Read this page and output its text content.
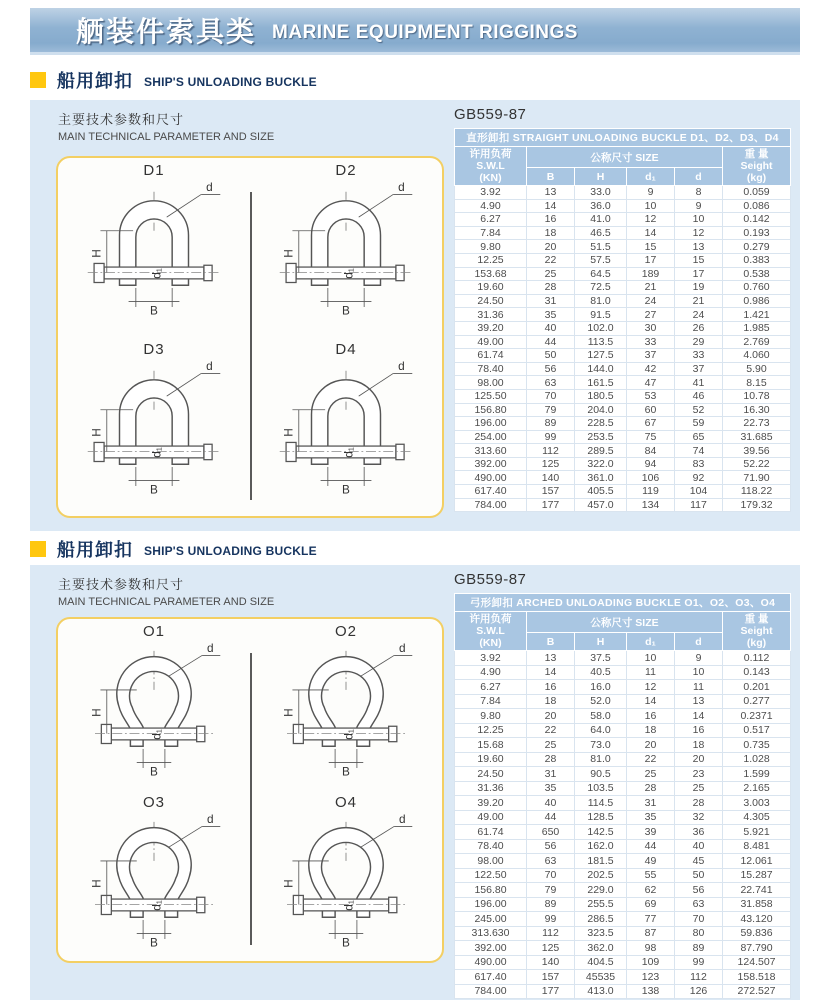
舾装件索具类 MARINE EQUIPMENT RIGGINGS
船用卸扣 SHIP'S UNLOADING BUCKLE
主要技术参数和尺寸
MAIN TECHNICAL PARAMETER AND SIZE
D1
H
B
d
d₁
D2
H
B
d
d₁
D3
H
B
d
d₁
D4
H
B
d
d₁
GB559-87
直形卸扣 STRAIGHT UNLOADING BUCKLE D1、D2、D3、D4					
许用负荷
S.W.L
(KN)	公称尺寸 SIZE				重 量
Seight
(kg)
	B	H	d₁	d	
3.92	13	33.0	9	8	0.059
4.90	14	36.0	10	9	0.086
6.27	16	41.0	12	10	0.142
7.84	18	46.5	14	12	0.193
9.80	20	51.5	15	13	0.279
12.25	22	57.5	17	15	0.383
153.68	25	64.5	189	17	0.538
19.60	28	72.5	21	19	0.760
24.50	31	81.0	24	21	0.986
31.36	35	91.5	27	24	1.421
39.20	40	102.0	30	26	1.985
49.00	44	113.5	33	29	2.769
61.74	50	127.5	37	33	4.060
78.40	56	144.0	42	37	5.90
98.00	63	161.5	47	41	8.15
125.50	70	180.5	53	46	10.78
156.80	79	204.0	60	52	16.30
196.00	89	228.5	67	59	22.73
254.00	99	253.5	75	65	31.685
313.60	112	289.5	84	74	39.56
392.00	125	322.0	94	83	52.22
490.00	140	361.0	106	92	71.90
617.40	157	405.5	119	104	118.22
784.00	177	457.0	134	117	179.32
船用卸扣 SHIP'S UNLOADING BUCKLE
主要技术参数和尺寸
MAIN TECHNICAL PARAMETER AND SIZE
O1
H
B
d
d₁
O2
H
B
d
d₁
O3
H
B
d
d₁
O4
H
B
d
d₁
GB559-87
弓形卸扣 ARCHED UNLOADING BUCKLE O1、O2、O3、O4					
许用负荷
S.W.L
(KN)	公称尺寸 SIZE				重 量
Seight
(kg)
	B	H	d₁	d	
3.92	13	37.5	10	9	0.112
4.90	14	40.5	11	10	0.143
6.27	16	16.0	12	11	0.201
7.84	18	52.0	14	13	0.277
9.80	20	58.0	16	14	0.2371
12.25	22	64.0	18	16	0.517
15.68	25	73.0	20	18	0.735
19.60	28	81.0	22	20	1.028
24.50	31	90.5	25	23	1.599
31.36	35	103.5	28	25	2.165
39.20	40	114.5	31	28	3.003
49.00	44	128.5	35	32	4.305
61.74	650	142.5	39	36	5.921
78.40	56	162.0	44	40	8.481
98.00	63	181.5	49	45	12.061
122.50	70	202.5	55	50	15.287
156.80	79	229.0	62	56	22.741
196.00	89	255.5	69	63	31.858
245.00	99	286.5	77	70	43.120
313.630	112	323.5	87	80	59.836
392.00	125	362.0	98	89	87.790
490.00	140	404.5	109	99	124.507
617.40	157	45535	123	112	158.518
784.00	177	413.0	138	126	272.527
